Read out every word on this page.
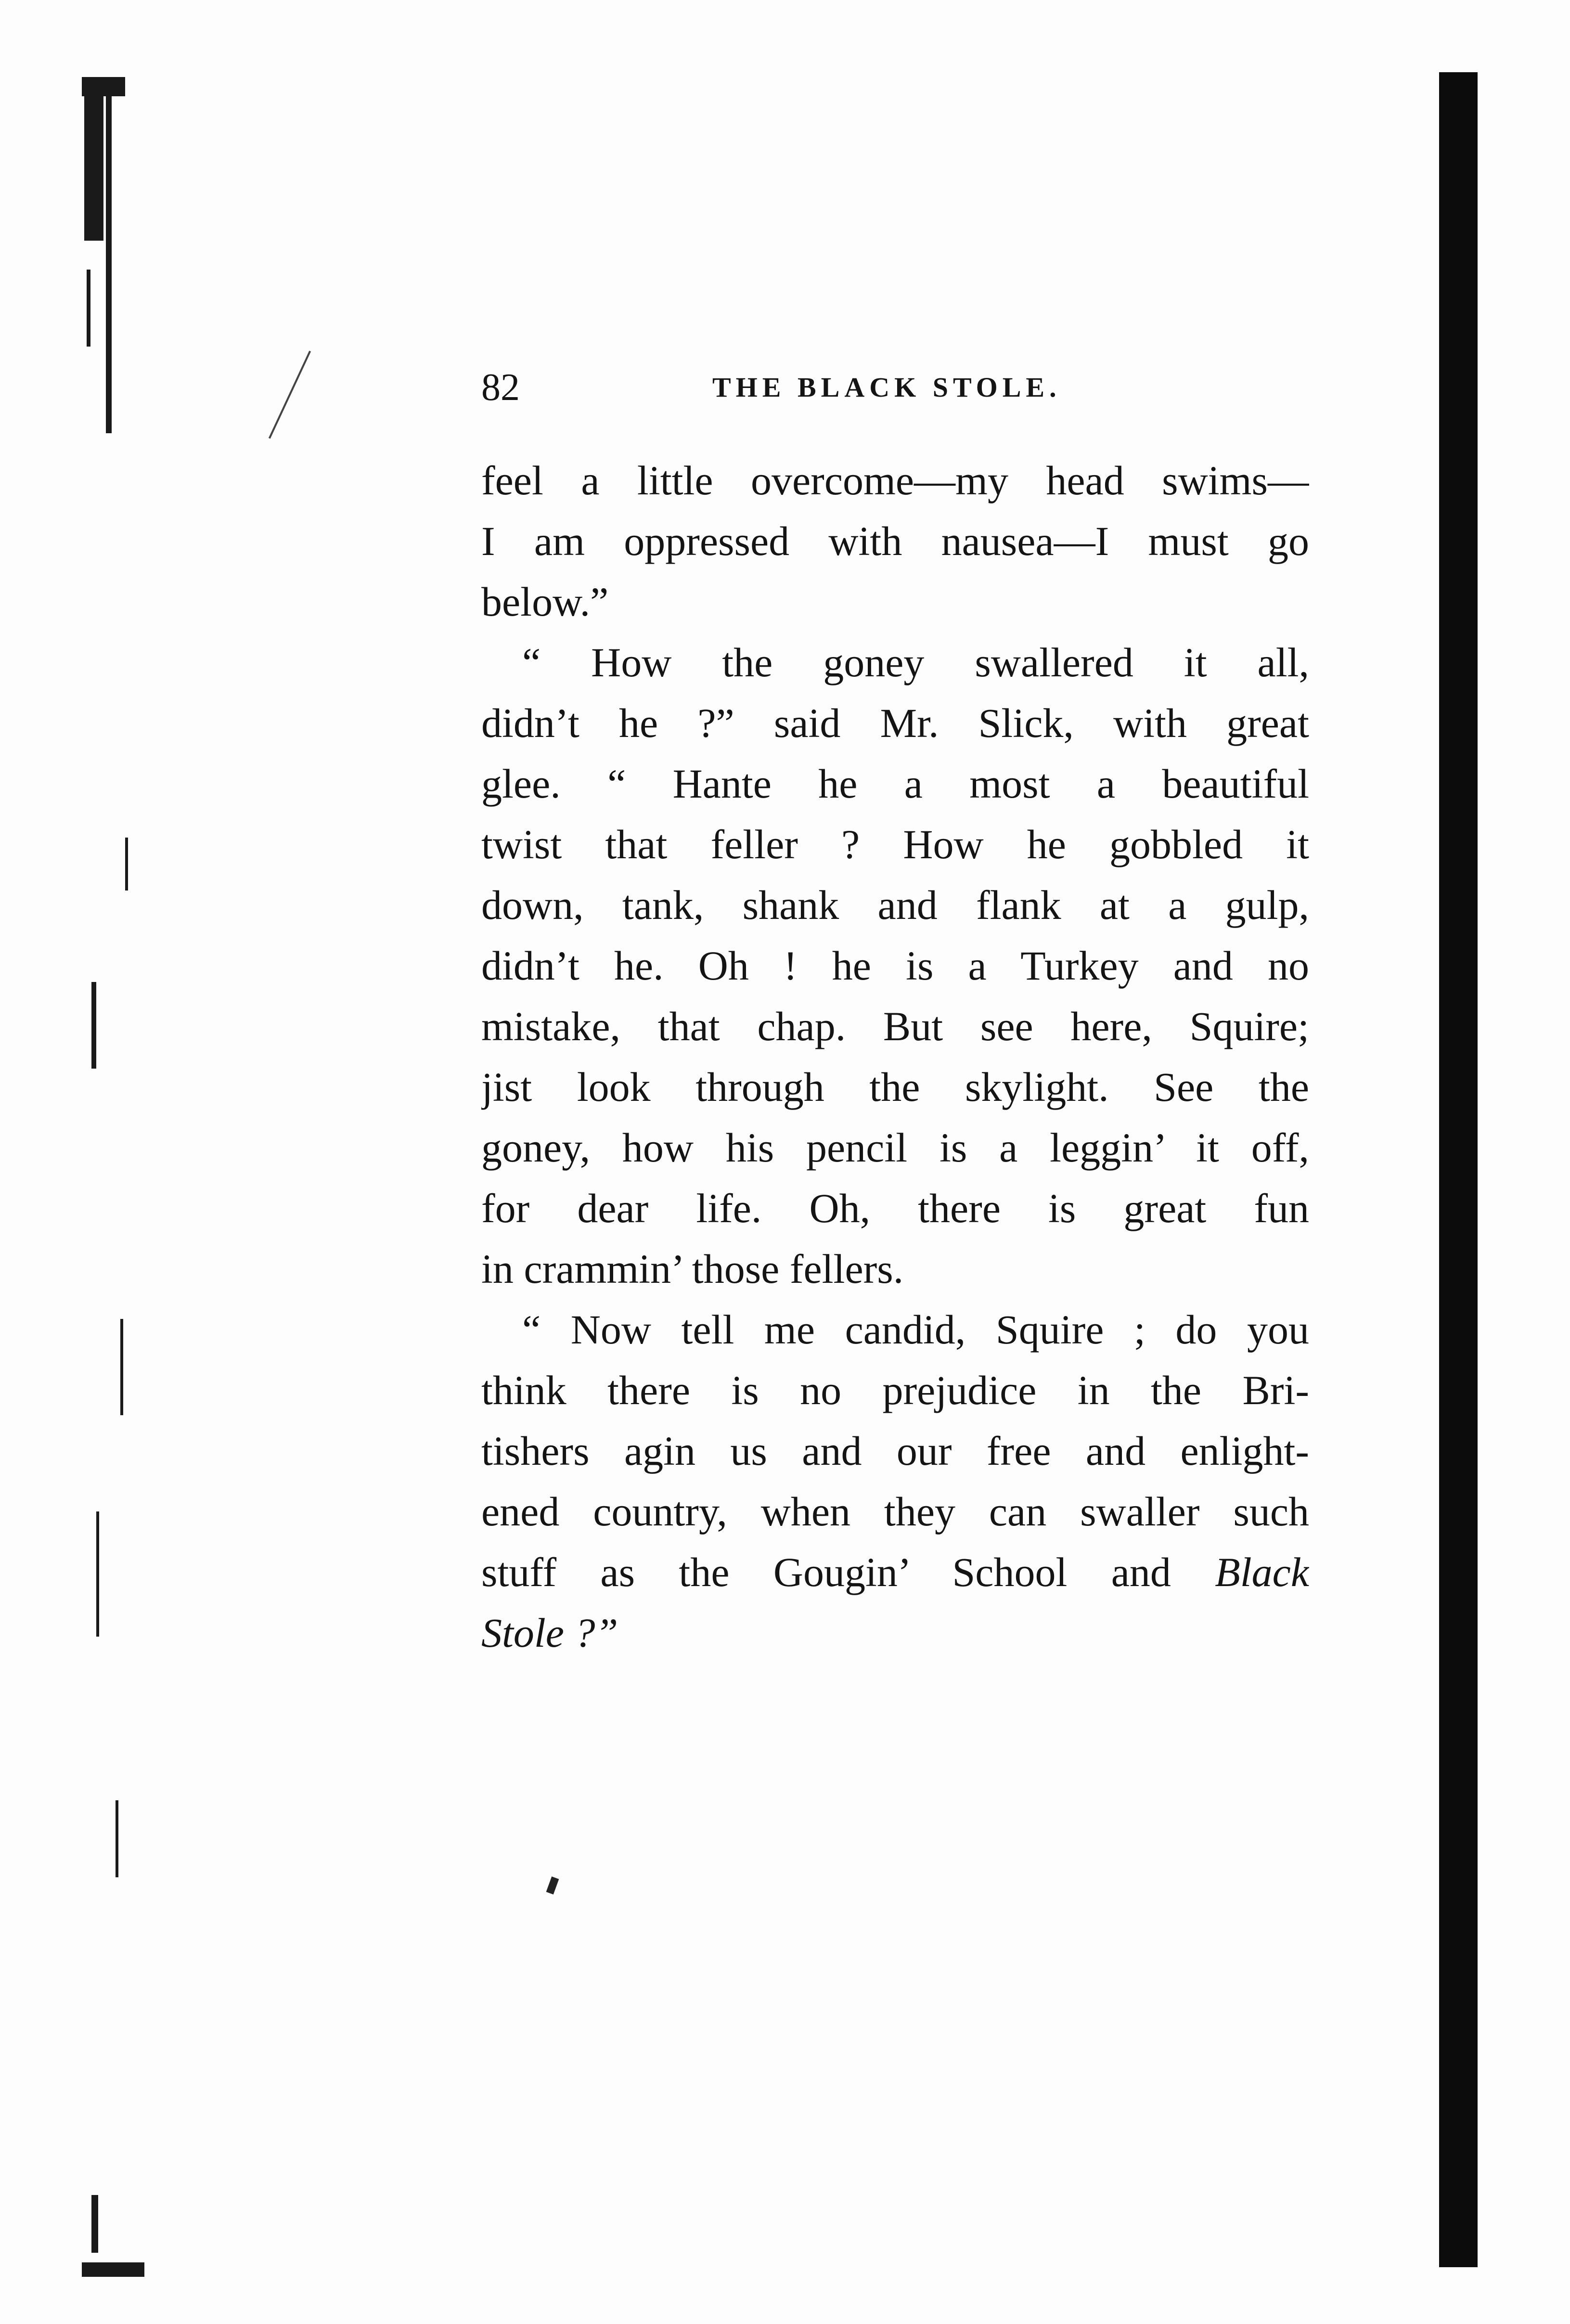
82	THE BLACK STOLE.
feel a little overcome—my head swims—
I am oppressed with nausea—I must go
below.”
“ How the goney swallered it all,
didn’t he ?” said Mr. Slick, with great
glee. “ Hante he a most a beautiful
twist that feller ? How he gobbled it
down, tank, shank and flank at a gulp,
didn’t he. Oh ! he is a Turkey and no
mistake, that chap. But see here, Squire;
jist look through the skylight. See the
goney, how his pencil is a leggin’ it off,
for dear life. Oh, there is great fun
in crammin’ those fellers.
“ Now tell me candid, Squire ; do you
think there is no prejudice in the Bri-
tishers agin us and our free and enlight-
ened country, when they can swaller such
stuff as the Gougin’ School and Black
Stole ?”
